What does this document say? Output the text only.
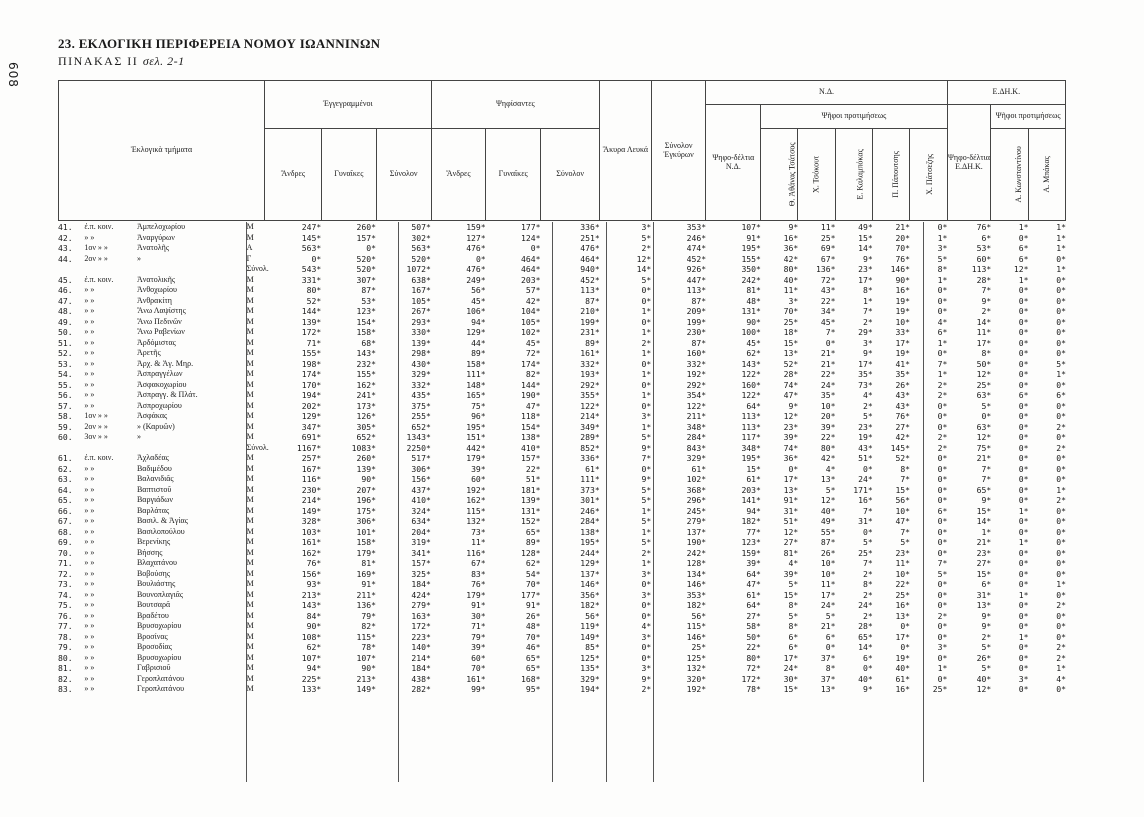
608
23. ΕΚΛΟΓΙΚΗ ΠΕΡΙΦΕΡΕΙΑ ΝΟΜΟΥ ΙΩΑΝΝΙΝΩΝ
ΠΙΝΑΚΑΣ ΙΙ σελ. 2-1
Ἐκλογικὰ τμήματα	Ἐγγεγραμμένοι			Ψηφίσαντες			Ἄκυρα Λευκά	Σύνολον Ἐγκύρων	Ν.Δ.						Ε.ΔΗ.Κ.		
									Ψηφο-δέλτια Ν.Δ.	Ψῆφοι προτιμήσεως					Ψηφο-δέλτια Ε.ΔΗ.Κ.	Ψῆφοι προτιμήσεως	
	Ἄνδρες	Γυναῖκες	Σύνολον	Ἄνδρες	Γυναῖκες	Σύνολον				Θ. Ἀθάνας Τσάτσος	Χ. Τσόκουτ	Ε. Καλαμπόκας	Π. Πάπουτσης	Χ. Πάτσεζης		Α. Κωνσταντίνου	Α. Μπάκας
41.	ἐ.π. κοιν.	Ἀμπελοχωρίου	Μ	247*	260*	507*	159*	177*	336*	3*	353*	107*	9*	11*	49*	21*	0*	76*	1*	1*
42.	» »	Ἀναργύρων	Μ	145*	157*	302*	127*	124*	251*	5*	246*	91*	16*	25*	15*	20*	1*	6*	0*	1*
43.	1ον » »	Ἀνατολῆς	Α	563*	0*	563*	476*	0*	476*	2*	474*	195*	36*	69*	14*	70*	3*	53*	6*	1*
44.	2ον » »	»	Γ	0*	520*	520*	0*	464*	464*	12*	452*	155*	42*	67*	9*	76*	5*	60*	6*	0*
			Σύνολ.	543*	520*	1072*	476*	464*	940*	14*	926*	350*	80*	136*	23*	146*	8*	113*	12*	1*
45.	ἐ.π. κοιν.	Ἀνατολικῆς	Μ	331*	307*	638*	249*	203*	452*	5*	447*	242*	40*	72*	17*	90*	1*	28*	1*	0*
46.	» »	Ἀνθοχωρίου	Μ	80*	87*	167*	56*	57*	113*	0*	113*	81*	11*	43*	8*	16*	0*	7*	0*	0*
47.	» »	Ἀνθρακίτη	Μ	52*	53*	105*	45*	42*	87*	0*	87*	48*	3*	22*	1*	19*	0*	9*	0*	0*
48.	» »	Ἄνω Λαψίστης	Μ	144*	123*	267*	106*	104*	210*	1*	209*	131*	70*	34*	7*	19*	0*	2*	0*	0*
49.	» »	Ἄνω Πεδινῶν	Μ	139*	154*	293*	94*	105*	199*	0*	199*	90*	25*	45*	2*	10*	4*	14*	0*	0*
50.	» »	Ἄνω Ραβενίων	Μ	172*	158*	330*	129*	102*	231*	1*	230*	100*	18*	7*	29*	33*	6*	11*	0*	0*
51.	» »	Ἀρδόμιστας	Μ	71*	68*	139*	44*	45*	89*	2*	87*	45*	15*	0*	3*	17*	1*	17*	0*	0*
52.	» »	Ἀρετῆς	Μ	155*	143*	298*	89*	72*	161*	1*	160*	62*	13*	21*	9*	19*	0*	8*	0*	0*
53.	» »	Ἀρχ. & Ἀγ. Μηρ.	Μ	198*	232*	430*	158*	174*	332*	0*	332*	143*	52*	21*	17*	41*	7*	50*	0*	5*
54.	» »	Ἀσπραγγέλων	Μ	174*	155*	329*	111*	82*	193*	1*	192*	122*	28*	22*	35*	35*	1*	12*	0*	1*
55.	» »	Ἀσφακοχωρίου	Μ	170*	162*	332*	148*	144*	292*	0*	292*	160*	74*	24*	73*	26*	2*	25*	0*	0*
56.	» »	Ἀσπραγγ. & Πλάτ.	Μ	194*	241*	435*	165*	190*	355*	1*	354*	122*	47*	35*	4*	43*	2*	63*	6*	6*
57.	» »	Ἀσπροχωρίου	Μ	202*	173*	375*	75*	47*	122*	0*	122*	64*	9*	10*	2*	43*	0*	5*	0*	0*
58.	1ον » »	Ἀσφάκας	Μ	129*	126*	255*	96*	118*	214*	3*	211*	113*	12*	20*	5*	76*	0*	0*	0*	0*
59.	2ον » »	» (Καρυῶν)	Μ	347*	305*	652*	195*	154*	349*	1*	348*	113*	23*	39*	23*	27*	0*	63*	0*	2*
60.	3ον » »	»	Μ	691*	652*	1343*	151*	138*	289*	5*	284*	117*	39*	22*	19*	42*	2*	12*	0*	0*
			Σύνολ.	1167*	1083*	2250*	442*	410*	852*	9*	843*	348*	74*	80*	43*	145*	2*	75*	0*	2*
61.	ἐ.π. κοιν.	Ἀχλαδέας	Μ	257*	260*	517*	179*	157*	336*	7*	329*	195*	36*	42*	51*	52*	0*	21*	0*	0*
62.	» »	Βαδιμέδου	Μ	167*	139*	306*	39*	22*	61*	0*	61*	15*	0*	4*	0*	8*	0*	7*	0*	0*
63.	» »	Βαλανιδιᾶς	Μ	116*	90*	156*	60*	51*	111*	9*	102*	61*	17*	13*	24*	7*	0*	7*	0*	0*
64.	» »	Βαπτιστοῦ	Μ	230*	207*	437*	192*	181*	373*	5*	368*	203*	13*	5*	171*	15*	0*	65*	0*	1*
65.	» »	Βαργιάδων	Μ	214*	196*	410*	162*	139*	301*	5*	296*	141*	91*	12*	16*	56*	0*	9*	0*	2*
66.	» »	Βαρλάτας	Μ	149*	175*	324*	115*	131*	246*	1*	245*	94*	31*	40*	7*	10*	6*	15*	1*	0*
67.	» »	Βασιλ. & Ἀγίας	Μ	328*	306*	634*	132*	152*	284*	5*	279*	182*	51*	49*	31*	47*	0*	14*	0*	0*
68.	» »	Βασιλοπούλου	Μ	103*	101*	204*	73*	65*	138*	1*	137*	77*	12*	55*	0*	7*	0*	1*	0*	0*
69.	» »	Βερενίκης	Μ	161*	158*	319*	11*	89*	195*	5*	190*	123*	27*	87*	5*	5*	0*	21*	1*	0*
70.	» »	Βήσσης	Μ	162*	179*	341*	116*	128*	244*	2*	242*	159*	81*	26*	25*	23*	0*	23*	0*	0*
71.	» »	Βλαχατάνου	Μ	76*	81*	157*	67*	62*	129*	1*	128*	39*	4*	10*	7*	11*	7*	27*	0*	0*
72.	» »	Βοβούσης	Μ	156*	169*	325*	83*	54*	137*	3*	134*	64*	39*	10*	2*	10*	5*	15*	0*	0*
73.	» »	Βουλιάστης	Μ	93*	91*	184*	76*	70*	146*	0*	146*	47*	5*	11*	8*	22*	0*	6*	0*	1*
74.	» »	Βουνοπλαγιᾶς	Μ	213*	211*	424*	179*	177*	356*	3*	353*	61*	15*	17*	2*	25*	0*	31*	1*	0*
75.	» »	Βουτσαρᾶ	Μ	143*	136*	279*	91*	91*	182*	0*	182*	64*	8*	24*	24*	16*	0*	13*	0*	2*
76.	» »	Βραδέτου	Μ	84*	79*	163*	30*	26*	56*	0*	56*	27*	5*	5*	2*	13*	2*	9*	0*	0*
77.	» »	Βρυσοχωρίου	Μ	90*	82*	172*	71*	48*	119*	4*	115*	58*	8*	21*	28*	0*	0*	9*	0*	0*
78.	» »	Βροσίνας	Μ	108*	115*	223*	79*	70*	149*	3*	146*	50*	6*	6*	65*	17*	0*	2*	1*	0*
79.	» »	Βροσοδίας	Μ	62*	78*	140*	39*	46*	85*	0*	25*	22*	6*	0*	14*	0*	3*	5*	0*	2*
80.	» »	Βρυσοχωρίου	Μ	107*	107*	214*	60*	65*	125*	0*	125*	80*	17*	37*	6*	19*	0*	26*	0*	2*
81.	» »	Γαβρισιοῦ	Μ	94*	90*	184*	70*	65*	135*	3*	132*	72*	24*	8*	0*	40*	1*	5*	0*	1*
82.	» »	Γεροπλατάνου	Μ	225*	213*	438*	161*	168*	329*	9*	320*	172*	30*	37*	40*	61*	0*	40*	3*	4*
83.	» »	Γεροπλατάνου	Μ	133*	149*	282*	99*	95*	194*	2*	192*	78*	15*	13*	9*	16*	25*	12*	0*	0*
